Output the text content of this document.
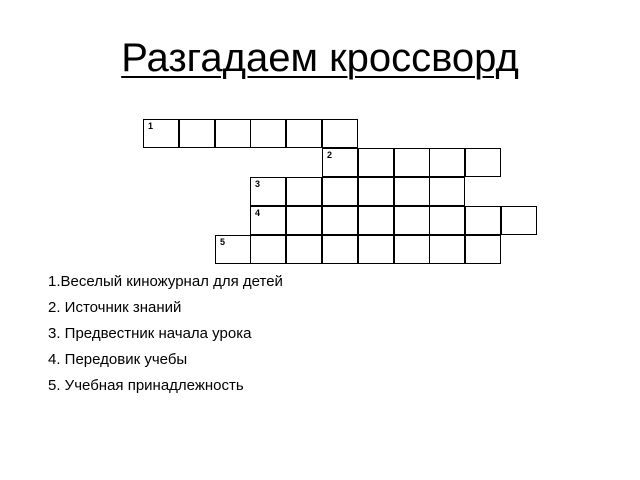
Разгадаем кроссворд
1
2
3
4
5
1.Веселый киножурнал для детей
2. Источник знаний
3. Предвестник начала урока
4. Передовик учебы
5. Учебная принадлежность
